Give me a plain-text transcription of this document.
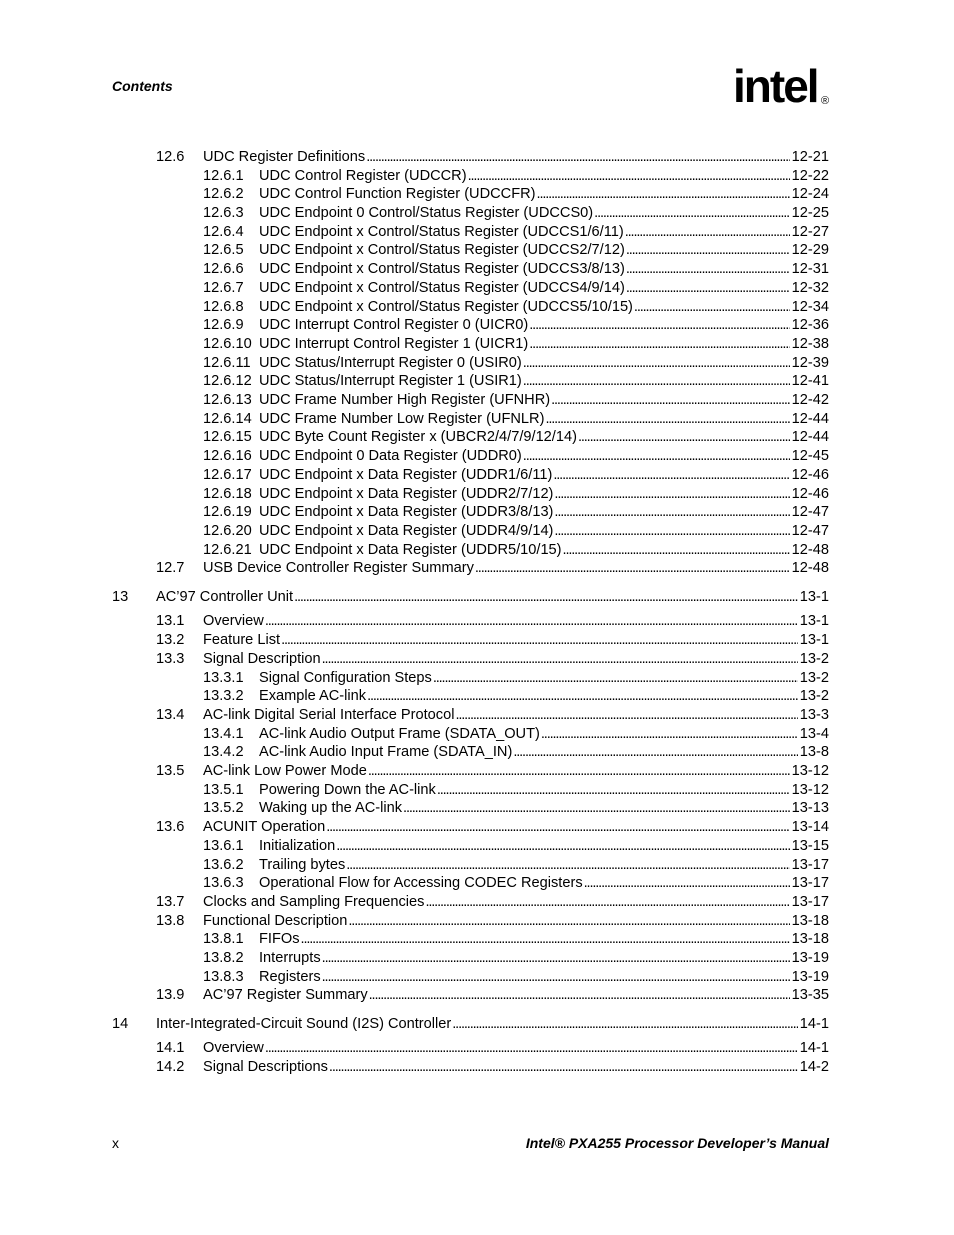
Contents	intel ®
12.6	UDC Register Definitions . . .	12-21
12.6.1	UDC Control Register (UDCCR) . . .	12-22
12.6.2	UDC Control Function Register (UDCCFR) . . .	12-24
12.6.3	UDC Endpoint 0 Control/Status Register (UDCCS0) . . .	12-25
12.6.4	UDC Endpoint x Control/Status Register (UDCCS1/6/11) . . .	12-27
12.6.5	UDC Endpoint x Control/Status Register (UDCCS2/7/12) . . .	12-29
12.6.6	UDC Endpoint x Control/Status Register (UDCCS3/8/13) . . .	12-31
12.6.7	UDC Endpoint x Control/Status Register (UDCCS4/9/14) . . .	12-32
12.6.8	UDC Endpoint x Control/Status Register (UDCCS5/10/15) . . .	12-34
12.6.9	UDC Interrupt Control Register 0 (UICR0) . . .	12-36
12.6.10 UDC Interrupt Control Register 1 (UICR1) . . .	12-38
12.6.11 UDC Status/Interrupt Register 0 (USIR0) . . .	12-39
12.6.12 UDC Status/Interrupt Register 1 (USIR1) . . .	12-41
12.6.13 UDC Frame Number High Register (UFNHR) . . .	12-42
12.6.14 UDC Frame Number Low Register (UFNLR) . . .	12-44
12.6.15 UDC Byte Count Register x (UBCR2/4/7/9/12/14) . . .	12-44
12.6.16 UDC Endpoint 0 Data Register (UDDR0) . . .	12-45
12.6.17 UDC Endpoint x Data Register (UDDR1/6/11) . . .	12-46
12.6.18 UDC Endpoint x Data Register (UDDR2/7/12) . . .	12-46
12.6.19 UDC Endpoint x Data Register (UDDR3/8/13) . . .	12-47
12.6.20 UDC Endpoint x Data Register (UDDR4/9/14) . . .	12-47
12.6.21 UDC Endpoint x Data Register (UDDR5/10/15) . . .	12-48
12.7	USB Device Controller Register Summary . . .	12-48
13	AC’97 Controller Unit . . .	13-1
13.1	Overview . . .	13-1
13.2	Feature List . . .	13-1
13.3	Signal Description . . .	13-2
13.3.1	Signal Configuration Steps . . .	13-2
13.3.2	Example AC-link . . .	13-2
13.4	AC-link Digital Serial Interface Protocol . . .	13-3
13.4.1	AC-link Audio Output Frame (SDATA_OUT) . . .	13-4
13.4.2	AC-link Audio Input Frame (SDATA_IN) . . .	13-8
13.5	AC-link Low Power Mode . . .	13-12
13.5.1	Powering Down the AC-link . . .	13-12
13.5.2	Waking up the AC-link . . .	13-13
13.6	ACUNIT Operation . . .	13-14
13.6.1	Initialization . . .	13-15
13.6.2	Trailing bytes . . .	13-17
13.6.3	Operational Flow for Accessing CODEC Registers . . .	13-17
13.7	Clocks and Sampling Frequencies . . .	13-17
13.8	Functional Description . . .	13-18
13.8.1	FIFOs . . .	13-18
13.8.2	Interrupts . . .	13-19
13.8.3	Registers . . .	13-19
13.9	AC’97 Register Summary . . .	13-35
14	Inter-Integrated-Circuit Sound (I2S) Controller . . .	14-1
14.1	Overview . . .	14-1
14.2	Signal Descriptions . . .	14-2
x	Intel® PXA255 Processor Developer’s Manual
